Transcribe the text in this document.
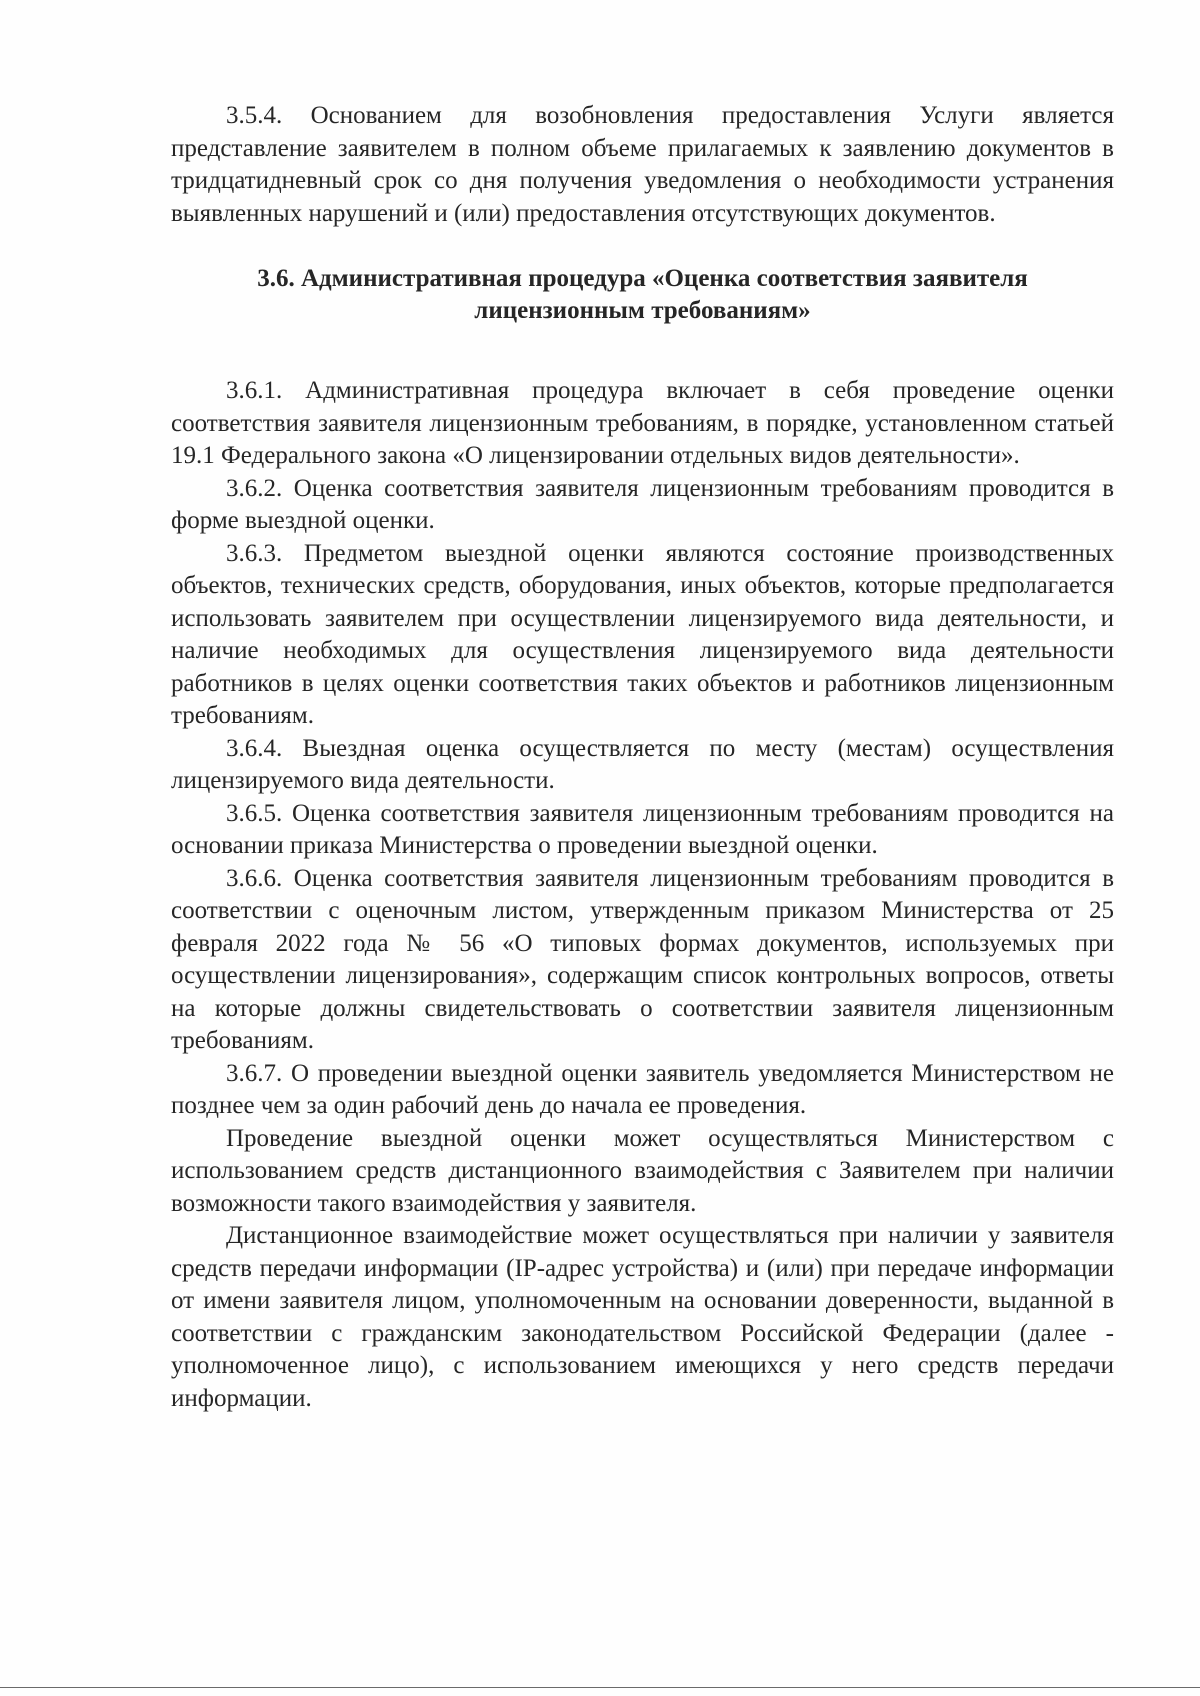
3.5.4. Основанием для возобновления предоставления Услуги является представление заявителем в полном объеме прилагаемых к заявлению документов в тридцатидневный срок со дня получения уведомления о необходимости устранения выявленных нарушений и (или) предоставления отсутствующих документов.

3.6. Административная процедура «Оценка соответствия заявителя лицензионным требованиям»

3.6.1. Административная процедура включает в себя проведение оценки соответствия заявителя лицензионным требованиям, в порядке, установленном статьей 19.1 Федерального закона «О лицензировании отдельных видов деятельности».

3.6.2. Оценка соответствия заявителя лицензионным требованиям проводится в форме выездной оценки.

3.6.3. Предметом выездной оценки являются состояние производственных объектов, технических средств, оборудования, иных объектов, которые предполагается использовать заявителем при осуществлении лицензируемого вида деятельности, и наличие необходимых для осуществления лицензируемого вида деятельности работников в целях оценки соответствия таких объектов и работников лицензионным требованиям.

3.6.4. Выездная оценка осуществляется по месту (местам) осуществления лицензируемого вида деятельности.

3.6.5. Оценка соответствия заявителя лицензионным требованиям проводится на основании приказа Министерства о проведении выездной оценки.

3.6.6. Оценка соответствия заявителя лицензионным требованиям проводится в соответствии с оценочным листом, утвержденным приказом Министерства от 25 февраля 2022 года № 56 «О типовых формах документов, используемых при осуществлении лицензирования», содержащим список контрольных вопросов, ответы на которые должны свидетельствовать о соответствии заявителя лицензионным требованиям.

3.6.7. О проведении выездной оценки заявитель уведомляется Министерством не позднее чем за один рабочий день до начала ее проведения.

Проведение выездной оценки может осуществляться Министерством с использованием средств дистанционного взаимодействия с Заявителем при наличии возможности такого взаимодействия у заявителя.

Дистанционное взаимодействие может осуществляться при наличии у заявителя средств передачи информации (IP-адрес устройства) и (или) при передаче информации от имени заявителя лицом, уполномоченным на основании доверенности, выданной в соответствии с гражданским законодательством Российской Федерации (далее - уполномоченное лицо), с использованием имеющихся у него средств передачи информации.
